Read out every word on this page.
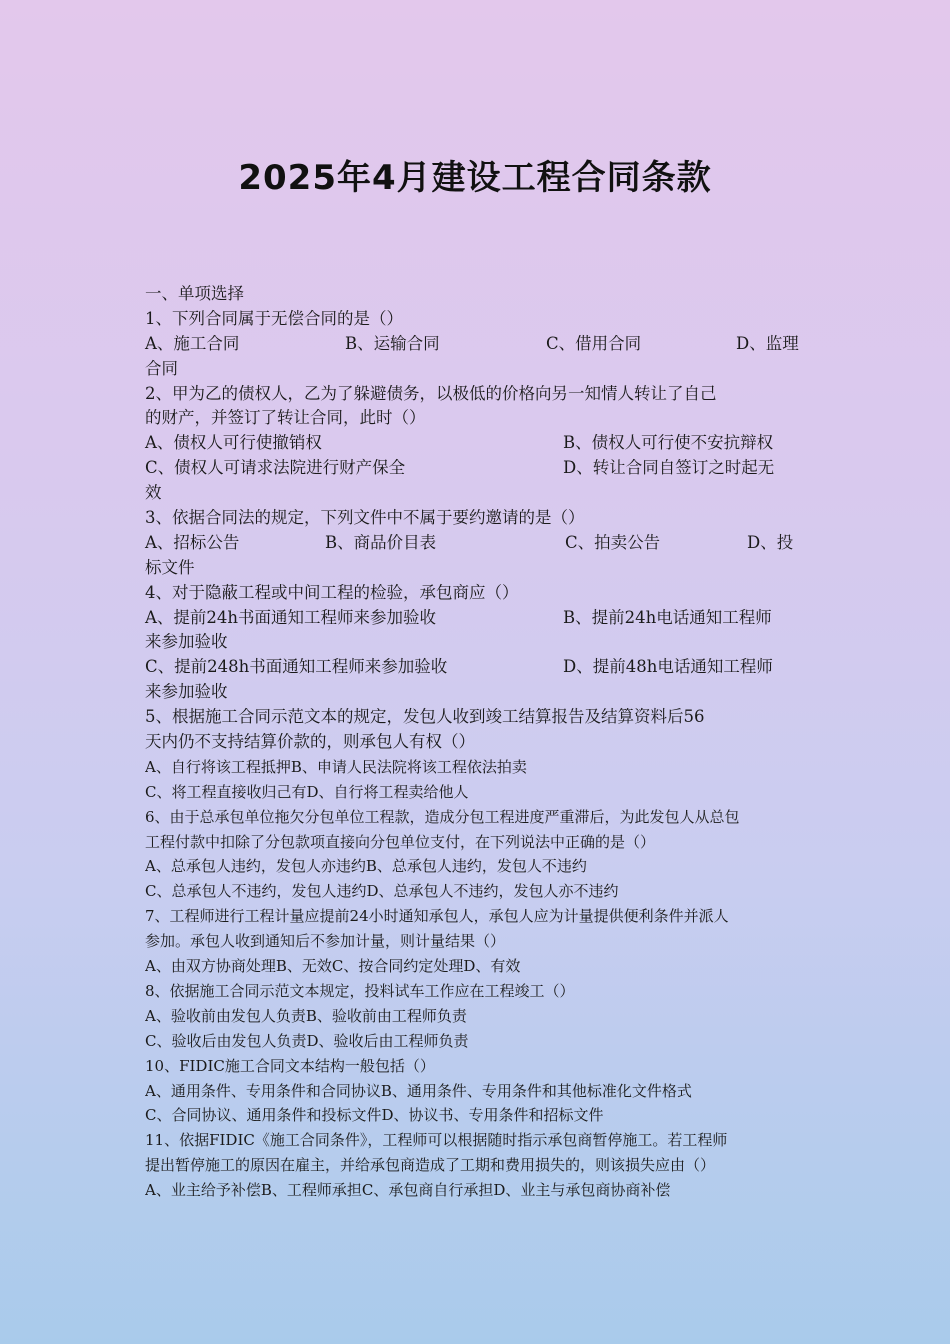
2025年4月建设工程合同条款
一、单项选择
1、下列合同属于无偿合同的是（）
A、施工合同	B、运输合同	C、借用合同	D、监理
合同
2、甲为乙的债权人，乙为了躲避债务，以极低的价格向另一知情人转让了自己
的财产，并签订了转让合同，此时（）
A、债权人可行使撤销权	B、债权人可行使不安抗辩权
C、债权人可请求法院进行财产保全	D、转让合同自签订之时起无
效
3、依据合同法的规定，下列文件中不属于要约邀请的是（）
A、招标公告	B、商品价目表	C、拍卖公告	D、投
标文件
4、对于隐蔽工程或中间工程的检验，承包商应（）
A、提前24h书面通知工程师来参加验收	B、提前24h电话通知工程师
来参加验收
C、提前248h书面通知工程师来参加验收	D、提前48h电话通知工程师
来参加验收
5、根据施工合同示范文本的规定，发包人收到竣工结算报告及结算资料后56
天内仍不支持结算价款的，则承包人有权（）
A、自行将该工程抵押B、申请人民法院将该工程依法拍卖
C、将工程直接收归己有D、自行将工程卖给他人
6、由于总承包单位拖欠分包单位工程款，造成分包工程进度严重滞后，为此发包人从总包
工程付款中扣除了分包款项直接向分包单位支付，在下列说法中正确的是（）
A、总承包人违约，发包人亦违约B、总承包人违约，发包人不违约
C、总承包人不违约，发包人违约D、总承包人不违约，发包人亦不违约
7、工程师进行工程计量应提前24小时通知承包人，承包人应为计量提供便利条件并派人
参加。承包人收到通知后不参加计量，则计量结果（）
A、由双方协商处理B、无效C、按合同约定处理D、有效
8、依据施工合同示范文本规定，投料试车工作应在工程竣工（）
A、验收前由发包人负责B、验收前由工程师负责
C、验收后由发包人负责D、验收后由工程师负责
10、FIDIC施工合同文本结构一般包括（）
A、通用条件、专用条件和合同协议B、通用条件、专用条件和其他标准化文件格式
C、合同协议、通用条件和投标文件D、协议书、专用条件和招标文件
11、依据FIDIC《施工合同条件》，工程师可以根据随时指示承包商暂停施工。若工程师
提出暂停施工的原因在雇主，并给承包商造成了工期和费用损失的，则该损失应由（）
A、业主给予补偿B、工程师承担C、承包商自行承担D、业主与承包商协商补偿
